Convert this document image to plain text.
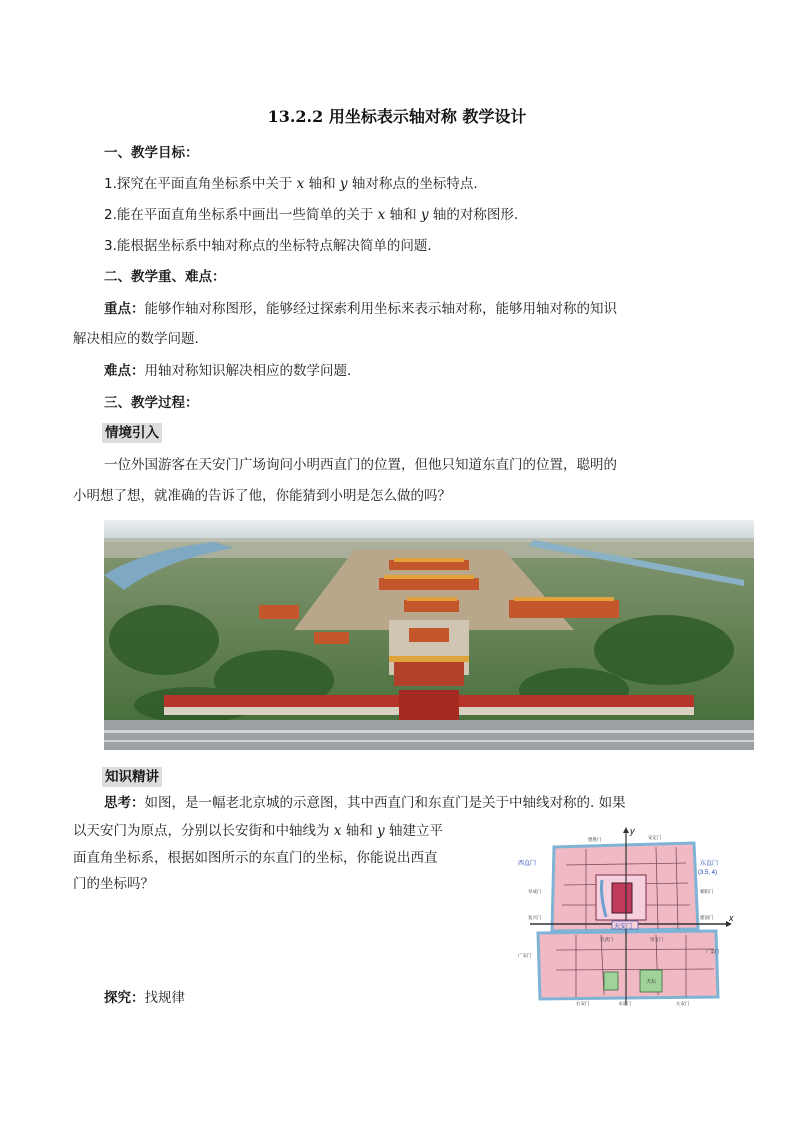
13.2.2 用坐标表示轴对称 教学设计
一、教学目标：
1.探究在平面直角坐标系中关于 x 轴和 y 轴对称点的坐标特点.
2.能在平面直角坐标系中画出一些简单的关于 x 轴和 y 轴的对称图形.
3.能根据坐标系中轴对称点的坐标特点解决简单的问题.
二、教学重、难点：
重点：能够作轴对称图形，能够经过探索利用坐标来表示轴对称，能够用轴对称的知识
解决相应的数学问题.
难点：用轴对称知识解决相应的数学问题.
三、教学过程：
情境引入
一位外国游客在天安门广场询问小明西直门的位置，但他只知道东直门的位置，聪明的
小明想了想，就准确的告诉了他，你能猜到小明是怎么做的吗？
知识精讲
思考：如图，是一幅老北京城的示意图，其中西直门和东直门是关于中轴线对称的. 如果
以天安门为原点，分别以长安街和中轴线为 x 轴和 y 轴建立平
面直角坐标系，根据如图所示的东直门的坐标，你能说出西直
门的坐标吗？
探究：找规律
天坛
x
y
天安门
西直门	东直门
(3.5, 4)
德胜门	安定门
阜成门	朝阳门
复兴门	建国门
宣武门	崇文门
广安门
广渠门
右安门	永定门	左安门
